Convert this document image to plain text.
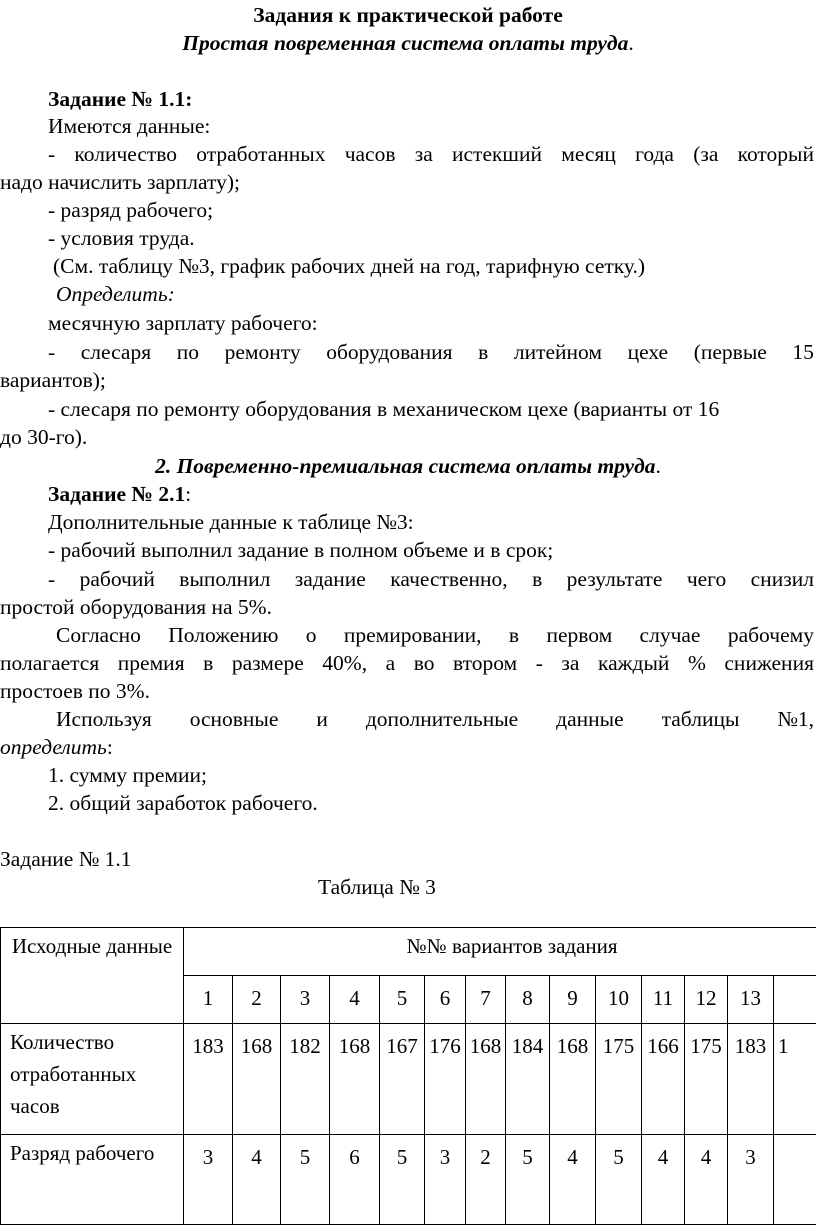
Задания к практической работе
Простая повременная система оплаты труда.
Задание № 1.1:
Имеются данные:
- количество отработанных часов за истекший месяц года (за который
надо начислить зарплату);
- разряд рабочего;
- условия труда.
(См. таблицу №3, график рабочих дней на год, тарифную сетку.)
Определить:
месячную зарплату рабочего:
- слесаря по ремонту оборудования в литейном цехе (первые 15
вариантов);
- слесаря по ремонту оборудования в механическом цехе (варианты от 16
до 30-го).
2. Повременно-премиальная система оплаты труда.
Задание № 2.1:
Дополнительные данные к таблице №3:
- рабочий выполнил задание в полном объеме и в срок;
- рабочий выполнил задание качественно, в результате чего снизил
простой оборудования на 5%.
Согласно Положению о премировании, в первом случае рабочему
полагается премия в размере 40%, а во втором - за каждый % снижения
простоев по 3%.
Используя основные и дополнительные данные таблицы №1,
определить:
1. сумму премии;
2. общий заработок рабочего.
Задание № 1.1
Таблица № 3
Исходные данные	№№ вариантов задания													
	1	2	3	4	5	6	7	8	9	10	11	12	13	
Количество отработанных часов	183	168	182	168	167	176	168	184	168	175	166	175	183	1
Разряд рабочего	3	4	5	6	5	3	2	5	4	5	4	4	3	
